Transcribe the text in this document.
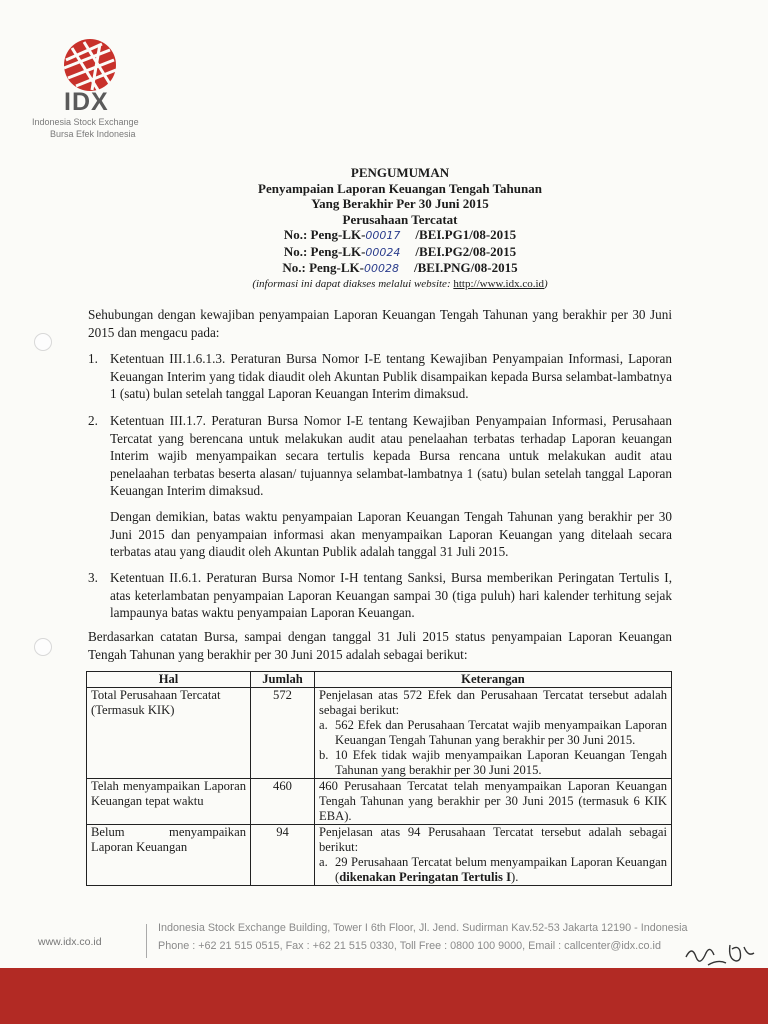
IDX
Indonesia Stock Exchange
Bursa Efek Indonesia
PENGUMUMAN
Penyampaian Laporan Keuangan Tengah Tahunan
Yang Berakhir Per 30 Juni 2015
Perusahaan Tercatat
No.: Peng-LK-00017 /BEI.PG1/08-2015
No.: Peng-LK-00024 /BEI.PG2/08-2015
No.: Peng-LK-00028 /BEI.PNG/08-2015
(informasi ini dapat diakses melalui website: http://www.idx.co.id)
Sehubungan dengan kewajiban penyampaian Laporan Keuangan Tengah Tahunan yang berakhir per 30 Juni 2015 dan mengacu pada:
1. Ketentuan III.1.6.1.3. Peraturan Bursa Nomor I-E tentang Kewajiban Penyampaian Informasi, Laporan Keuangan Interim yang tidak diaudit oleh Akuntan Publik disampaikan kepada Bursa selambat-lambatnya 1 (satu) bulan setelah tanggal Laporan Keuangan Interim dimaksud.
2. Ketentuan III.1.7. Peraturan Bursa Nomor I-E tentang Kewajiban Penyampaian Informasi, Perusahaan Tercatat yang berencana untuk melakukan audit atau penelaahan terbatas terhadap Laporan keuangan Interim wajib menyampaikan secara tertulis kepada Bursa rencana untuk melakukan audit atau penelaahan terbatas beserta alasan/ tujuannya selambat-lambatnya 1 (satu) bulan setelah tanggal Laporan Keuangan Interim dimaksud.
Dengan demikian, batas waktu penyampaian Laporan Keuangan Tengah Tahunan yang berakhir per 30 Juni 2015 dan penyampaian informasi akan menyampaikan Laporan Keuangan yang ditelaah secara terbatas atau yang diaudit oleh Akuntan Publik adalah tanggal 31 Juli 2015.
3. Ketentuan II.6.1. Peraturan Bursa Nomor I-H tentang Sanksi, Bursa memberikan Peringatan Tertulis I, atas keterlambatan penyampaian Laporan Keuangan sampai 30 (tiga puluh) hari kalender terhitung sejak lampaunya batas waktu penyampaian Laporan Keuangan.
Berdasarkan catatan Bursa, sampai dengan tanggal 31 Juli 2015 status penyampaian Laporan Keuangan Tengah Tahunan yang berakhir per 30 Juni 2015 adalah sebagai berikut:
Hal	Jumlah	Keterangan
Total Perusahaan Tercatat (Termasuk KIK)	572	Penjelasan atas 572 Efek dan Perusahaan Tercatat tersebut adalah sebagai berikut:
a. 562 Efek dan Perusahaan Tercatat wajib menyampaikan Laporan Keuangan Tengah Tahunan yang berakhir per 30 Juni 2015.
b. 10 Efek tidak wajib menyampaikan Laporan Keuangan Tengah Tahunan yang berakhir per 30 Juni 2015.

Telah menyampaikan Laporan Keuangan tepat waktu	460	460 Perusahaan Tercatat telah menyampaikan Laporan Keuangan Tengah Tahunan yang berakhir per 30 Juni 2015 (termasuk 6 KIK EBA).
Belum menyampaikan Laporan Keuangan	94	Penjelasan atas 94 Perusahaan Tercatat tersebut adalah sebagai berikut:
a. 29 Perusahaan Tercatat belum menyampaikan Laporan Keuangan (dikenakan Peringatan Tertulis I).
www.idx.co.id
Indonesia Stock Exchange Building, Tower I 6th Floor, Jl. Jend. Sudirman Kav.52-53 Jakarta 12190 - Indonesia
Phone : +62 21 515 0515, Fax : +62 21 515 0330, Toll Free : 0800 100 9000, Email : callcenter@idx.co.id
